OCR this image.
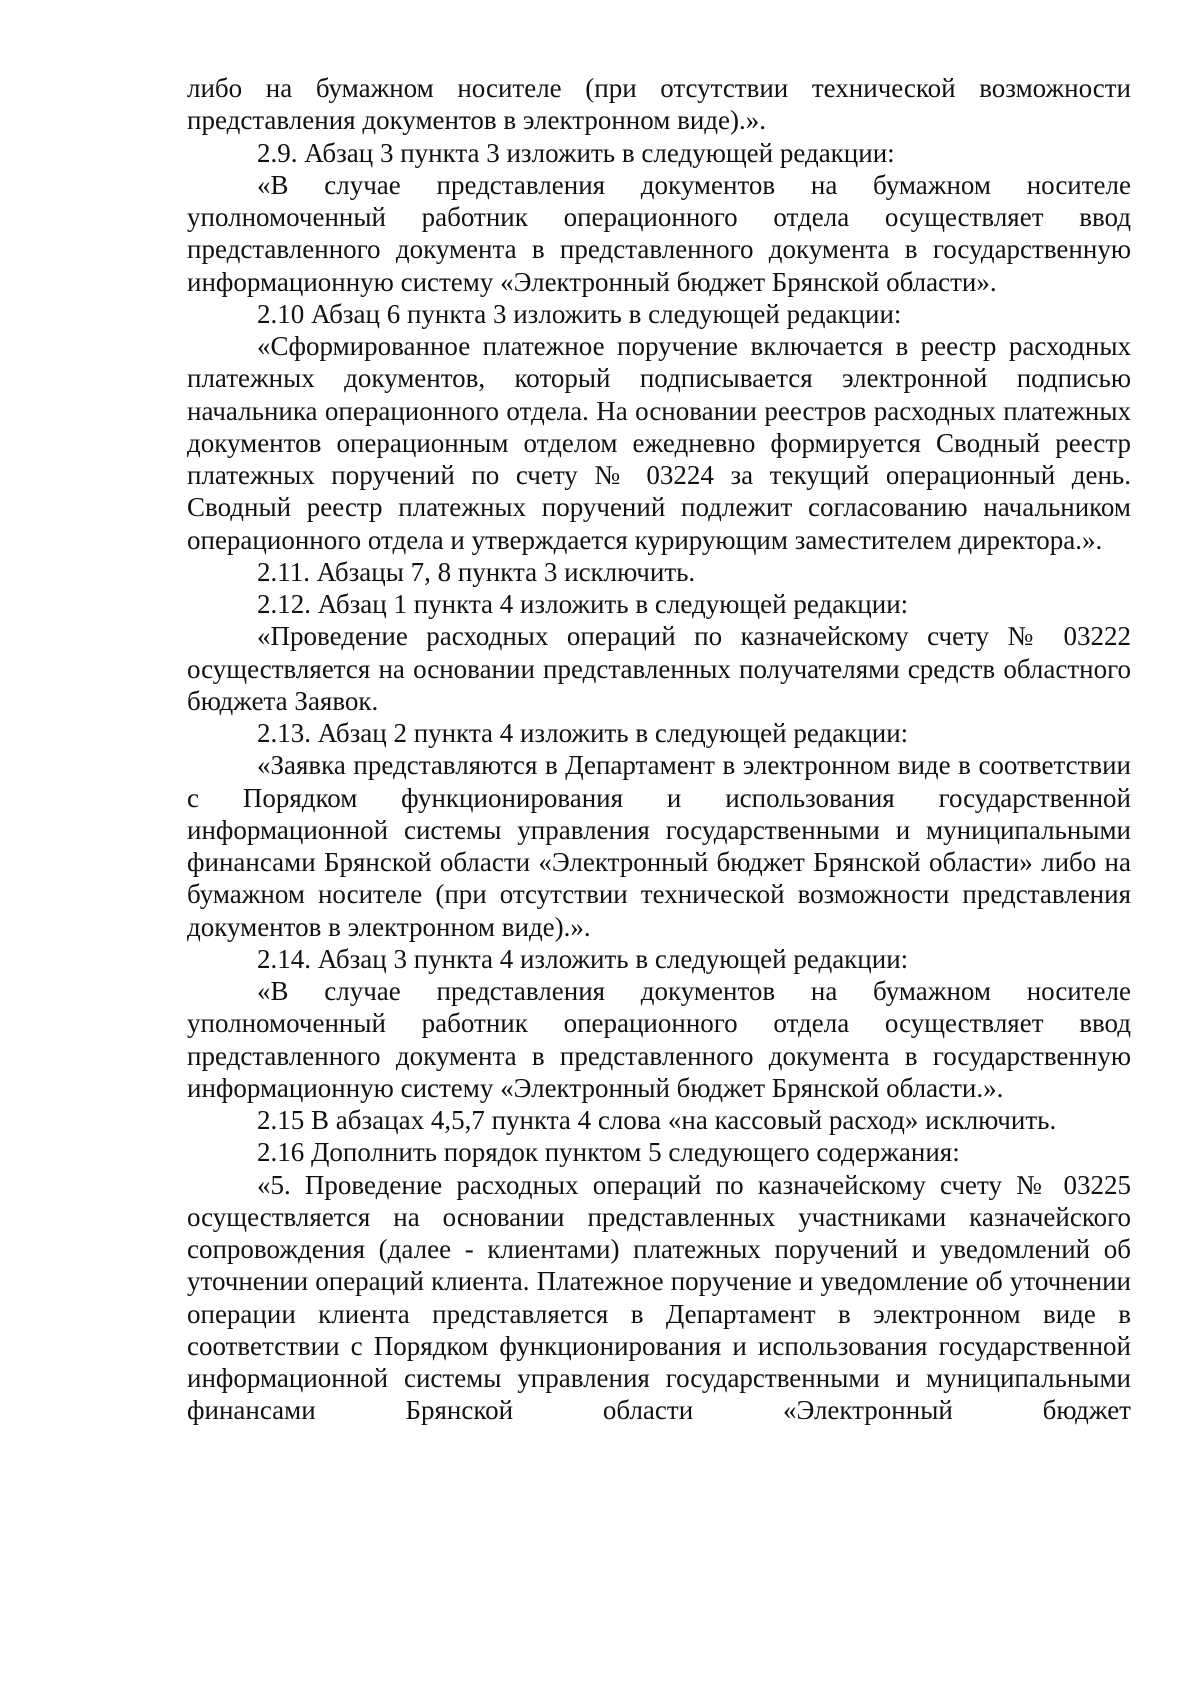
либо на бумажном носителе (при отсутствии технической возможности представления документов в электронном виде).».

2.9. Абзац 3 пункта 3 изложить в следующей редакции:

«В случае представления документов на бумажном носителе уполномоченный работник операционного отдела осуществляет ввод представленного документа в представленного документа в государственную информационную систему «Электронный бюджет Брянской области».

2.10 Абзац 6 пункта 3 изложить в следующей редакции:

«Сформированное платежное поручение включается в реестр расходных платежных документов, который подписывается электронной подписью начальника операционного отдела. На основании реестров расходных платежных документов операционным отделом ежедневно формируется Сводный реестр платежных поручений по счету № 03224 за текущий операционный день. Сводный реестр платежных поручений подлежит согласованию начальником операционного отдела и утверждается курирующим заместителем директора.».

2.11. Абзацы 7, 8 пункта 3 исключить.

2.12. Абзац 1 пункта 4 изложить в следующей редакции:

«Проведение расходных операций по казначейскому счету № 03222 осуществляется на основании представленных получателями средств областного бюджета Заявок.

2.13. Абзац 2 пункта 4 изложить в следующей редакции:

«Заявка представляются в Департамент в электронном виде в соответствии с Порядком функционирования и использования государственной информационной системы управления государственными и муниципальными финансами Брянской области «Электронный бюджет Брянской области» либо на бумажном носителе (при отсутствии технической возможности представления документов в электронном виде).».

2.14. Абзац 3 пункта 4 изложить в следующей редакции:

«В случае представления документов на бумажном носителе уполномоченный работник операционного отдела осуществляет ввод представленного документа в представленного документа в государственную информационную систему «Электронный бюджет Брянской области.».

2.15 В абзацах 4,5,7 пункта 4 слова «на кассовый расход» исключить.

2.16 Дополнить порядок пунктом 5 следующего содержания:

«5. Проведение расходных операций по казначейскому счету № 03225 осуществляется на основании представленных участниками казначейского сопровождения (далее - клиентами) платежных поручений и уведомлений об уточнении операций клиента. Платежное поручение и уведомление об уточнении операции клиента представляется в Департамент в электронном виде в соответствии с Порядком функционирования и использования государственной информационной системы управления государственными и муниципальными финансами Брянской области «Электронный бюджет
